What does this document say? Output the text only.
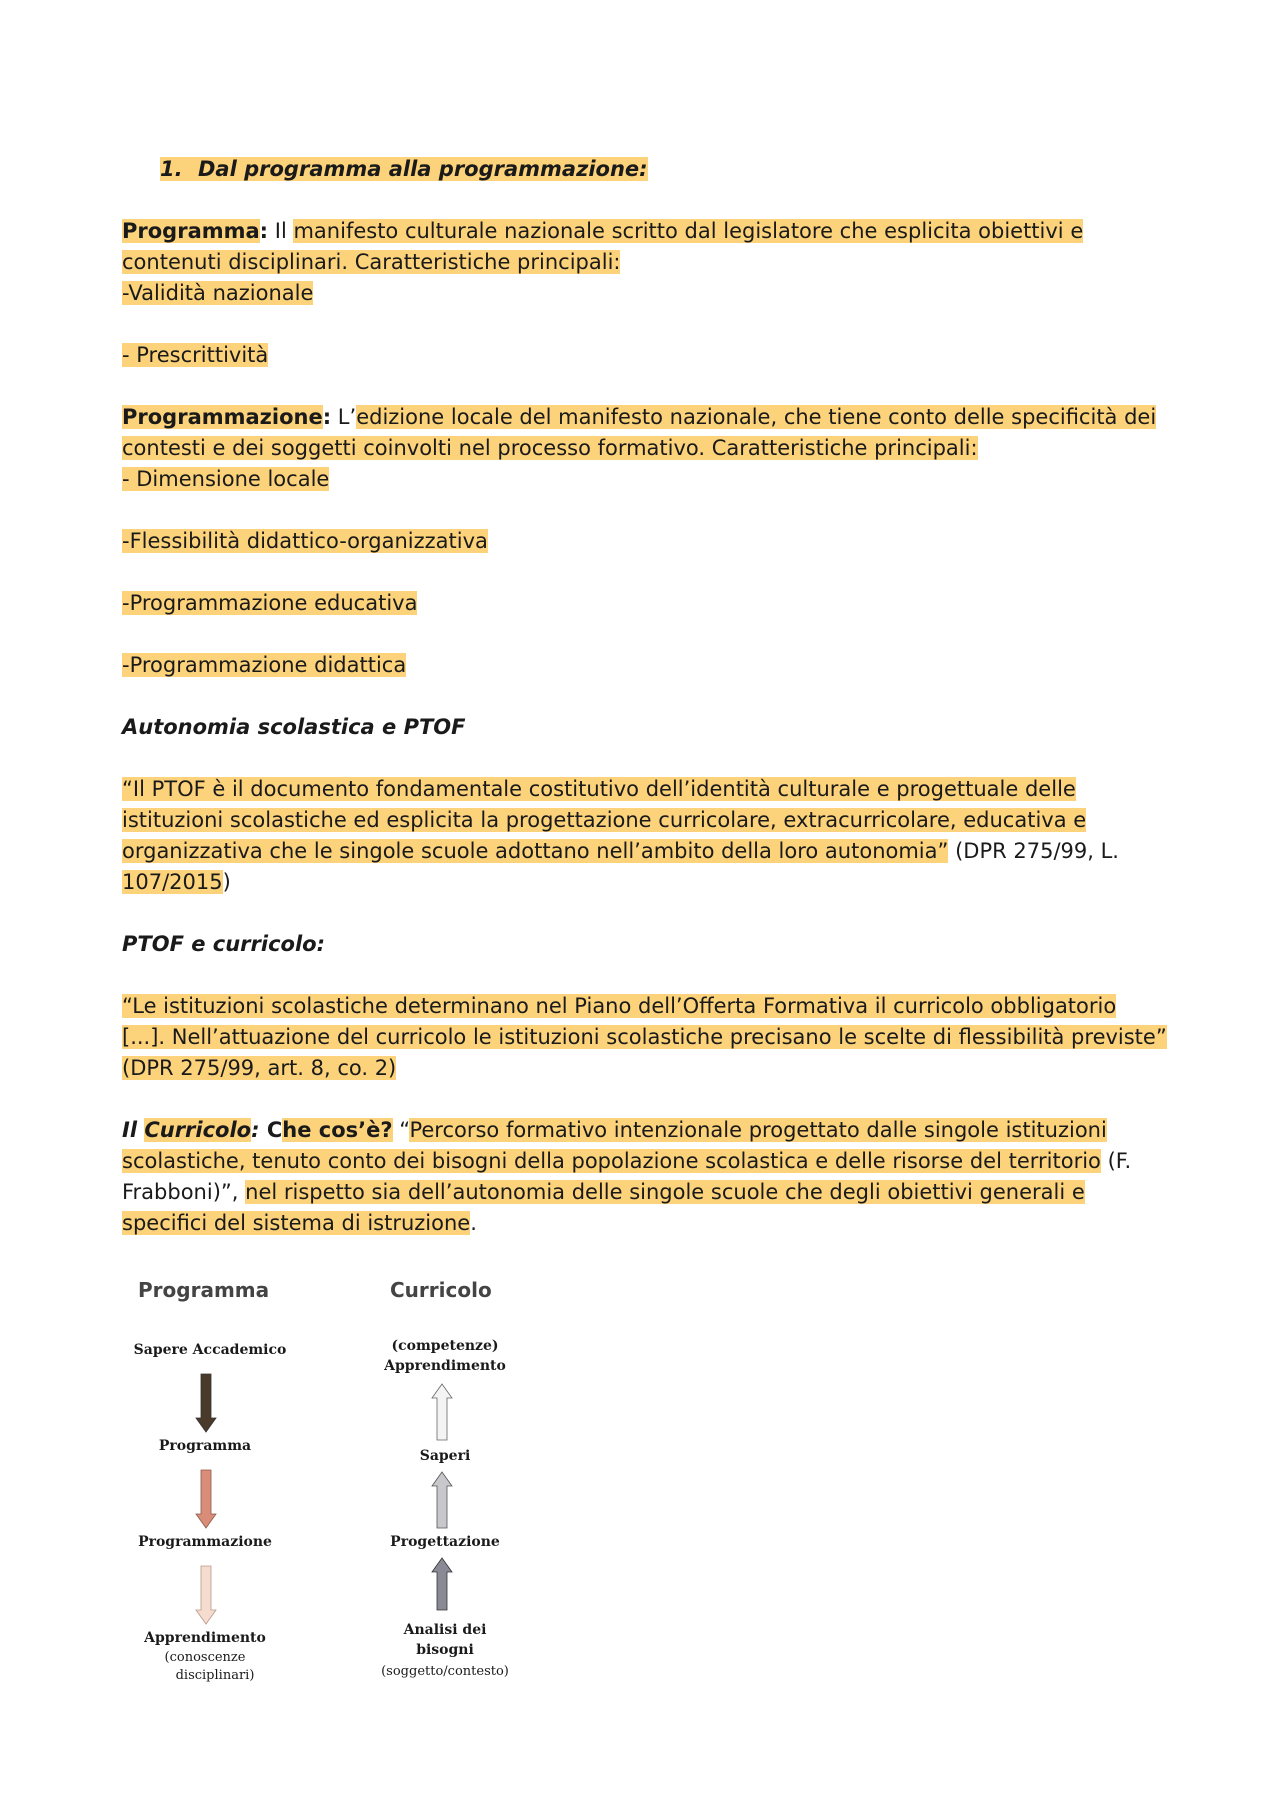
1. Dal programma alla programmazione:
Programma: Il manifesto culturale nazionale scritto dal legislatore che esplicita obiettivi e
contenuti disciplinari. Caratteristiche principali:
-Validità nazionale
- Prescrittività
Programmazione: L’edizione locale del manifesto nazionale, che tiene conto delle specificità dei
contesti e dei soggetti coinvolti nel processo formativo. Caratteristiche principali:
- Dimensione locale
-Flessibilità didattico-organizzativa
-Programmazione educativa
-Programmazione didattica
Autonomia scolastica e PTOF
“Il PTOF è il documento fondamentale costitutivo dell’identità culturale e progettuale delle
istituzioni scolastiche ed esplicita la progettazione curricolare, extracurricolare, educativa e
organizzativa che le singole scuole adottano nell’ambito della loro autonomia” (DPR 275/99, L.
107/2015)
PTOF e curricolo:
“Le istituzioni scolastiche determinano nel Piano dell’Offerta Formativa il curricolo obbligatorio
[...]. Nell’attuazione del curricolo le istituzioni scolastiche precisano le scelte di flessibilità previste”
(DPR 275/99, art. 8, co. 2)
Il Curricolo: Che cos’è? “Percorso formativo intenzionale progettato dalle singole istituzioni
scolastiche, tenuto conto dei bisogni della popolazione scolastica e delle risorse del territorio (F.
Frabboni)”, nel rispetto sia dell’autonomia delle singole scuole che degli obiettivi generali e
specifici del sistema di istruzione.
Programma
Sapere Accademico
Programma
Programmazione
Apprendimento
(conoscenze
disciplinari)
Curricolo
(competenze)
Apprendimento
Saperi
Progettazione
Analisi dei
bisogni
(soggetto/contesto)
